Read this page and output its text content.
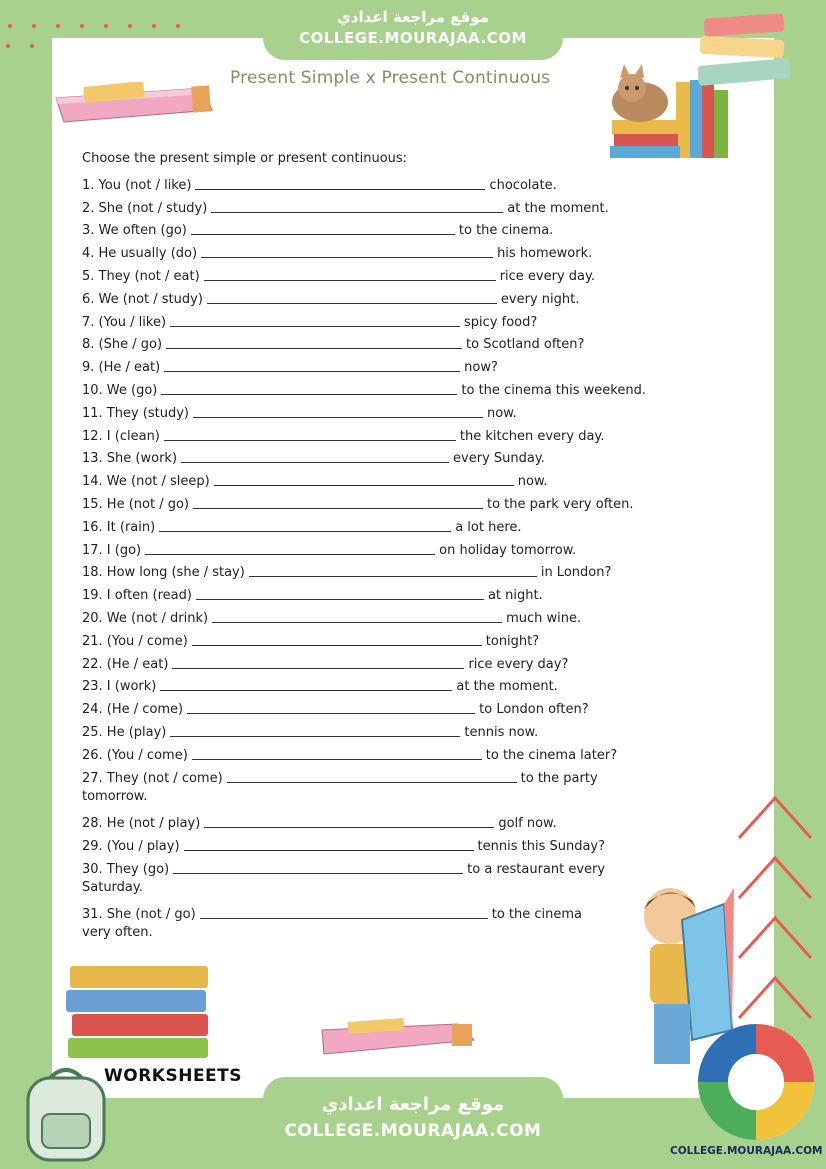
موقع مراجعة اعدادي
COLLEGE.MOURAJAA.COM
Present Simple x Present Continuous
Choose the present simple or present continuous:
1. You (not / like)	chocolate.
2. She (not / study)	at the moment.
3. We often (go)	to the cinema.
4. He usually (do)	his homework.
5. They (not / eat)	rice every day.
6. We (not / study)	every night.
7. (You / like)	spicy food?
8. (She / go)	to Scotland often?
9. (He / eat)	now?
10. We (go)	to the cinema this weekend.
11. They (study)	now.
12. I (clean)	the kitchen every day.
13. She (work)	every Sunday.
14. We (not / sleep)	now.
15. He (not / go)	to the park very often.
16. It (rain)	a lot here.
17. I (go)	on holiday tomorrow.
18. How long (she / stay)	in London?
19. I often (read)	at night.
20. We (not / drink)	much wine.
21. (You / come)	tonight?
22. (He / eat)	rice every day?
23. I (work)	at the moment.
24. (He / come)	to London often?
25. He (play)	tennis now.
26. (You / come)	to the cinema later?
27. They (not / come)	to the party
tomorrow.
28. He (not / play)	golf now.
29. (You / play)	tennis this Sunday?
30. They (go)	to a restaurant every
Saturday.
31. She (not / go)	to the cinema
very often.
WORKSHEETS
موقع مراجعة اعدادي
COLLEGE.MOURAJAA.COM
COLLEGE.MOURAJAA.COM
